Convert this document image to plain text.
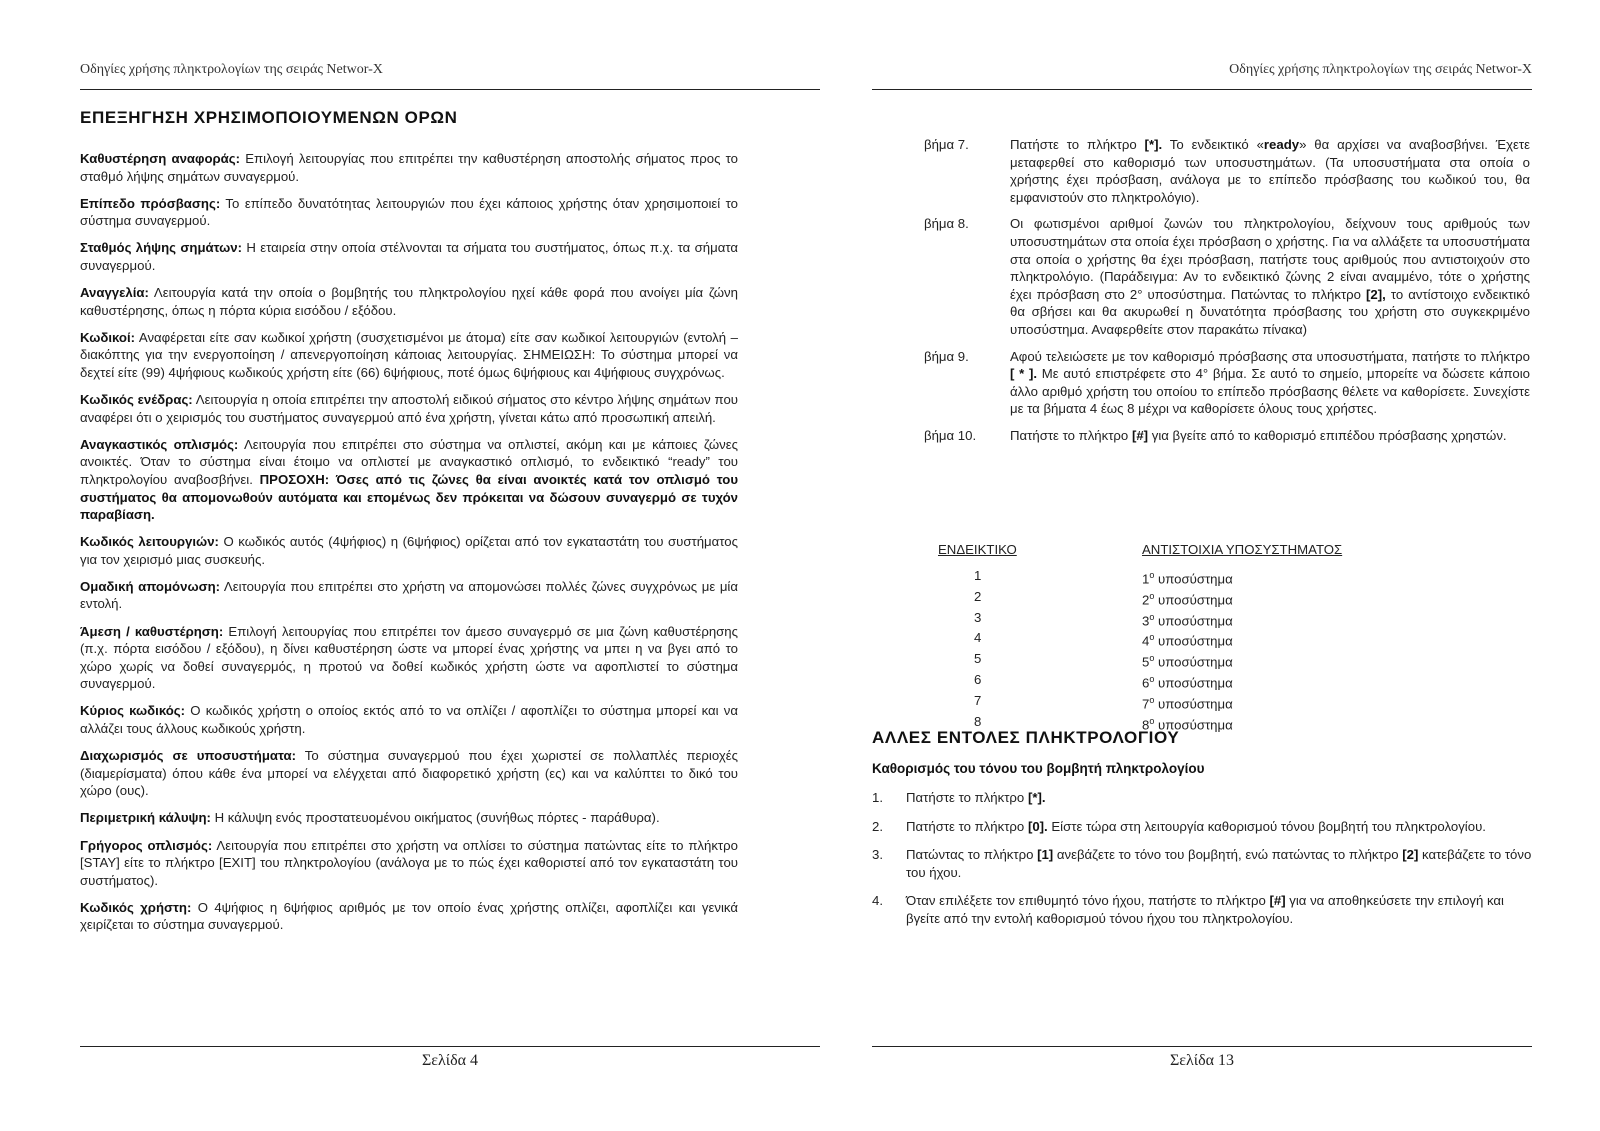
Οδηγίες χρήσης πληκτρολογίων της σειράς Networ-X
ΕΠΕΞΗΓΗΣΗ ΧΡΗΣΙΜΟΠΟΙΟΥΜΕΝΩΝ ΟΡΩΝ

Καθυστέρηση αναφοράς: Επιλογή λειτουργίας που επιτρέπει την καθυστέρηση αποστολής σήματος προς το σταθμό λήψης σημάτων συναγερμού.

Επίπεδο πρόσβασης: Το επίπεδο δυνατότητας λειτουργιών που έχει κάποιος χρήστης όταν χρησιμοποιεί το σύστημα συναγερμού.

Σταθμός λήψης σημάτων: Η εταιρεία στην οποία στέλνονται τα σήματα του συστήματος, όπως π.χ. τα σήματα συναγερμού.

Αναγγελία: Λειτουργία κατά την οποία ο βομβητής του πληκτρολογίου ηχεί κάθε φορά που ανοίγει μία ζώνη καθυστέρησης, όπως η πόρτα κύρια εισόδου / εξόδου.

Κωδικοί: Αναφέρεται είτε σαν κωδικοί χρήστη (συσχετισμένοι με άτομα) είτε σαν κωδικοί λειτουργιών (εντολή – διακόπτης για την ενεργοποίηση / απενεργοποίηση κάποιας λειτουργίας. ΣΗΜΕΙΩΣΗ: Το σύστημα μπορεί να δεχτεί είτε (99) 4ψήφιους κωδικούς χρήστη είτε (66) 6ψήφιους, ποτέ όμως 6ψήφιους και 4ψήφιους συγχρόνως.

Κωδικός ενέδρας: Λειτουργία η οποία επιτρέπει την αποστολή ειδικού σήματος στο κέντρο λήψης σημάτων που αναφέρει ότι ο χειρισμός του συστήματος συναγερμού από ένα χρήστη, γίνεται κάτω από προσωπική απειλή.

Αναγκαστικός οπλισμός: Λειτουργία που επιτρέπει στο σύστημα να οπλιστεί, ακόμη και με κάποιες ζώνες ανοικτές. Όταν το σύστημα είναι έτοιμο να οπλιστεί με αναγκαστικό οπλισμό, το ενδεικτικό “ready” του πληκτρολογίου αναβοσβήνει. ΠΡΟΣΟΧΗ: Όσες από τις ζώνες θα είναι ανοικτές κατά τον οπλισμό του συστήματος θα απομονωθούν αυτόματα και επομένως δεν πρόκειται να δώσουν συναγερμό σε τυχόν παραβίαση.

Κωδικός λειτουργιών: Ο κωδικός αυτός (4ψήφιος) η (6ψήφιος) ορίζεται από τον εγκαταστάτη του συστήματος για τον χειρισμό μιας συσκευής.

Ομαδική απομόνωση: Λειτουργία που επιτρέπει στο χρήστη να απομονώσει πολλές ζώνες συγχρόνως με μία εντολή.

Άμεση / καθυστέρηση: Επιλογή λειτουργίας που επιτρέπει τον άμεσο συναγερμό σε μια ζώνη καθυστέρησης (π.χ. πόρτα εισόδου / εξόδου), η δίνει καθυστέρηση ώστε να μπορεί ένας χρήστης να μπει η να βγει από το χώρο χωρίς να δοθεί συναγερμός, η προτού να δοθεί κωδικός χρήστη ώστε να αφοπλιστεί το σύστημα συναγερμού.

Κύριος κωδικός: Ο κωδικός χρήστη ο οποίος εκτός από το να οπλίζει / αφοπλίζει το σύστημα μπορεί και να αλλάζει τους άλλους κωδικούς χρήστη.

Διαχωρισμός σε υποσυστήματα: Το σύστημα συναγερμού που έχει χωριστεί σε πολλαπλές περιοχές (διαμερίσματα) όπου κάθε ένα μπορεί να ελέγχεται από διαφορετικό χρήστη (ες) και να καλύπτει το δικό του χώρο (ους).

Περιμετρική κάλυψη: Η κάλυψη ενός προστατευομένου οικήματος (συνήθως πόρτες - παράθυρα).

Γρήγορος οπλισμός: Λειτουργία που επιτρέπει στο χρήστη να οπλίσει το σύστημα πατώντας είτε το πλήκτρο [STAY] είτε το πλήκτρο [EXIT] του πληκτρολογίου (ανάλογα με το πώς έχει καθοριστεί από τον εγκαταστάτη του συστήματος).

Κωδικός χρήστη: Ο 4ψήφιος η 6ψήφιος αριθμός με τον οποίο ένας χρήστης οπλίζει, αφοπλίζει και γενικά χειρίζεται το σύστημα συναγερμού.

Σελίδα 4
Οδηγίες χρήσης πληκτρολογίων της σειράς Networ-X
βήμα 7.	Πατήστε το πλήκτρο [*]. Το ενδεικτικό «ready» θα αρχίσει να αναβοσβήνει. Έχετε μεταφερθεί στο καθορισμό των υποσυστημάτων. (Τα υποσυστήματα στα οποία ο χρήστης έχει πρόσβαση, ανάλογα με το επίπεδο πρόσβασης του κωδικού του, θα εμφανιστούν στο πληκτρολόγιο).
βήμα 8.	Οι φωτισμένοι αριθμοί ζωνών του πληκτρολογίου, δείχνουν τους αριθμούς των υποσυστημάτων στα οποία έχει πρόσβαση ο χρήστης. Για να αλλάξετε τα υποσυστήματα στα οποία ο χρήστης θα έχει πρόσβαση, πατήστε τους αριθμούς που αντιστοιχούν στο πληκτρολόγιο. (Παράδειγμα: Αν το ενδεικτικό ζώνης 2 είναι αναμμένο, τότε ο χρήστης έχει πρόσβαση στο 2° υποσύστημα. Πατώντας το πλήκτρο [2], το αντίστοιχο ενδεικτικό θα σβήσει και θα ακυρωθεί η δυνατότητα πρόσβασης του χρήστη στο συγκεκριμένο υποσύστημα. Αναφερθείτε στον παρακάτω πίνακα)
βήμα 9.	Αφού τελειώσετε με τον καθορισμό πρόσβασης στα υποσυστήματα, πατήστε το πλήκτρο [ * ]. Με αυτό επιστρέφετε στο 4° βήμα. Σε αυτό το σημείο, μπορείτε να δώσετε κάποιο άλλο αριθμό χρήστη του οποίου το επίπεδο πρόσβασης θέλετε να καθορίσετε. Συνεχίστε με τα βήματα 4 έως 8 μέχρι να καθορίσετε όλους τους χρήστες.
βήμα 10.	Πατήστε το πλήκτρο [#] για βγείτε από το καθορισμό επιπέδου πρόσβασης χρηστών.
ΕΝΔΕΙΚΤΙΚΟ	ΑΝΤΙΣΤΟΙΧΙΑ ΥΠΟΣΥΣΤΗΜΑΤΟΣ
1	$1^o$ υποσύστημα
2	$2^o$ υποσύστημα
3	$3^o$ υποσύστημα
4	$4^o$ υποσύστημα
5	$5^o$ υποσύστημα
6	$6^o$ υποσύστημα
7	$7^o$ υποσύστημα
8	$8^o$ υποσύστημα
ΑΛΛΕΣ ΕΝΤΟΛΕΣ ΠΛΗΚΤΡΟΛΟΓΙΟΥ
Καθορισμός του τόνου του βομβητή πληκτρολογίου
1.	Πατήστε το πλήκτρο [*].
2.	Πατήστε το πλήκτρο [0]. Είστε τώρα στη λειτουργία καθορισμού τόνου βομβητή του πληκτρολογίου.
3.	Πατώντας το πλήκτρο [1] ανεβάζετε το τόνο του βομβητή, ενώ πατώντας το πλήκτρο [2] κατεβάζετε το τόνο του ήχου.
4.	Όταν επιλέξετε τον επιθυμητό τόνο ήχου, πατήστε το πλήκτρο [#] για να αποθηκεύσετε την επιλογή και βγείτε από την εντολή καθορισμού τόνου ήχου του πληκτρολογίου.
Σελίδα 13
